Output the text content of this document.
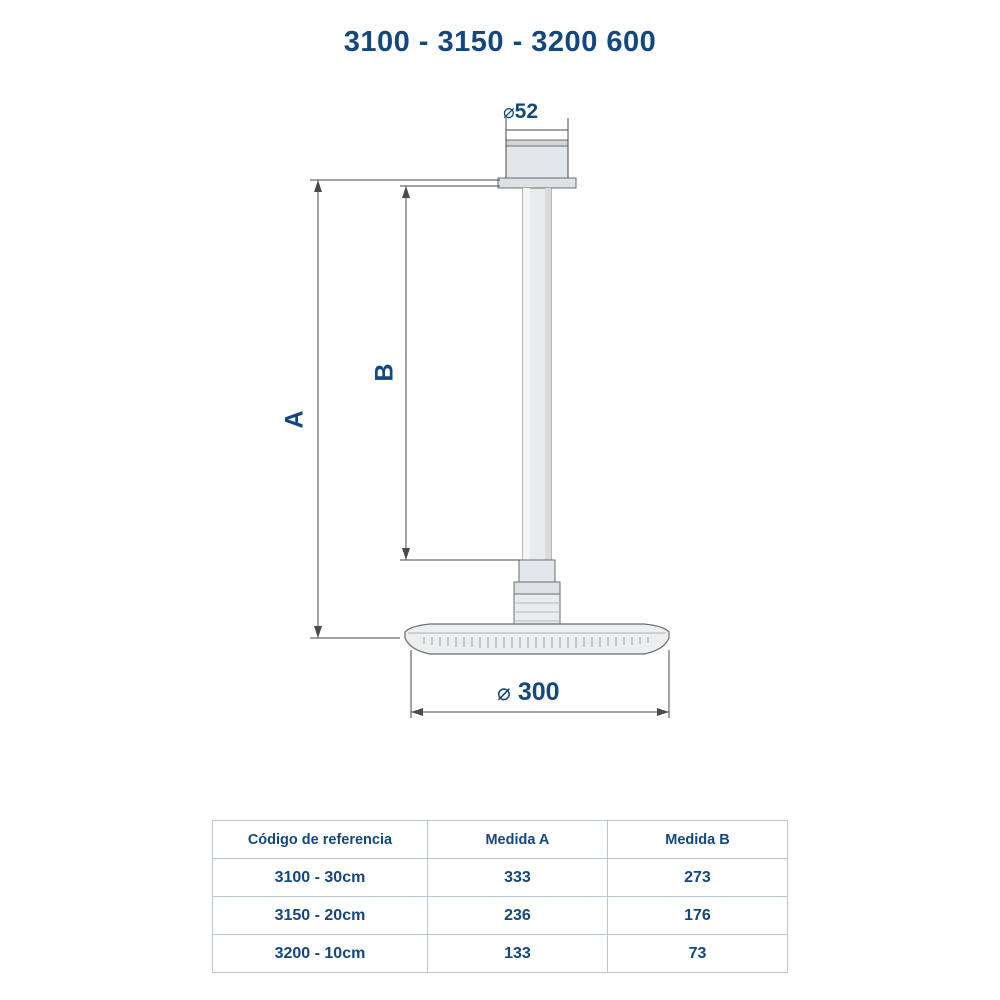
3100 - 3150 - 3200 600
⌀52
⌀ 300
A
B
Código de referencia	Medida A	Medida B
3100 - 30cm	333	273
3150 - 20cm	236	176
3200 - 10cm	133	73
